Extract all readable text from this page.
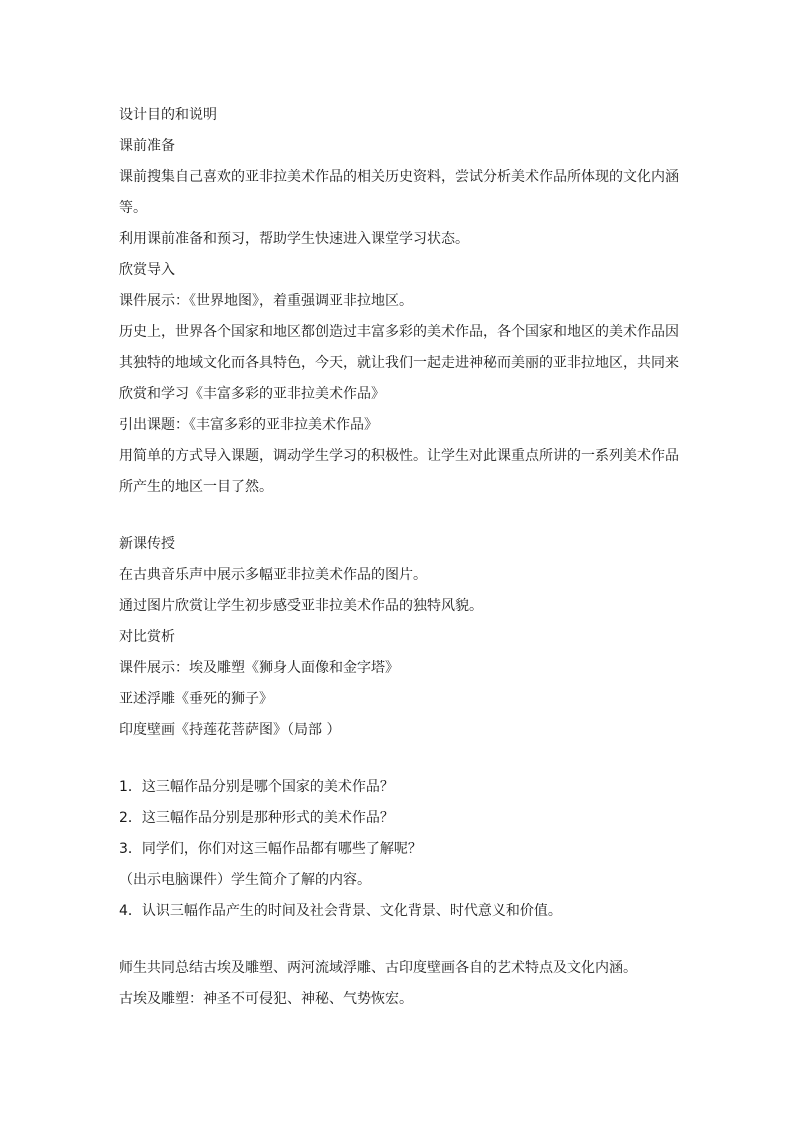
设计目的和说明
课前准备
课前搜集自己喜欢的亚非拉美术作品的相关历史资料，尝试分析美术作品所体现的文化内涵
等。
利用课前准备和预习，帮助学生快速进入课堂学习状态。
欣赏导入
课件展示：《世界地图》，着重强调亚非拉地区。
历史上，世界各个国家和地区都创造过丰富多彩的美术作品，各个国家和地区的美术作品因
其独特的地域文化而各具特色，今天，就让我们一起走进神秘而美丽的亚非拉地区，共同来
欣赏和学习《丰富多彩的亚非拉美术作品》
引出课题：《丰富多彩的亚非拉美术作品》
用简单的方式导入课题，调动学生学习的积极性。让学生对此课重点所讲的一系列美术作品
所产生的地区一目了然。
新课传授
在古典音乐声中展示多幅亚非拉美术作品的图片。
通过图片欣赏让学生初步感受亚非拉美术作品的独特风貌。
对比赏析
课件展示：埃及雕塑《狮身人面像和金字塔》
亚述浮雕《垂死的狮子》
印度壁画《持莲花菩萨图》（局部 ）
1．这三幅作品分别是哪个国家的美术作品？
2．这三幅作品分别是那种形式的美术作品？
3．同学们，你们对这三幅作品都有哪些了解呢？
（出示电脑课件）学生简介了解的内容。
4．认识三幅作品产生的时间及社会背景、文化背景、时代意义和价值。
师生共同总结古埃及雕塑、两河流域浮雕、古印度壁画各自的艺术特点及文化内涵。
古埃及雕塑：神圣不可侵犯、神秘、气势恢宏。
